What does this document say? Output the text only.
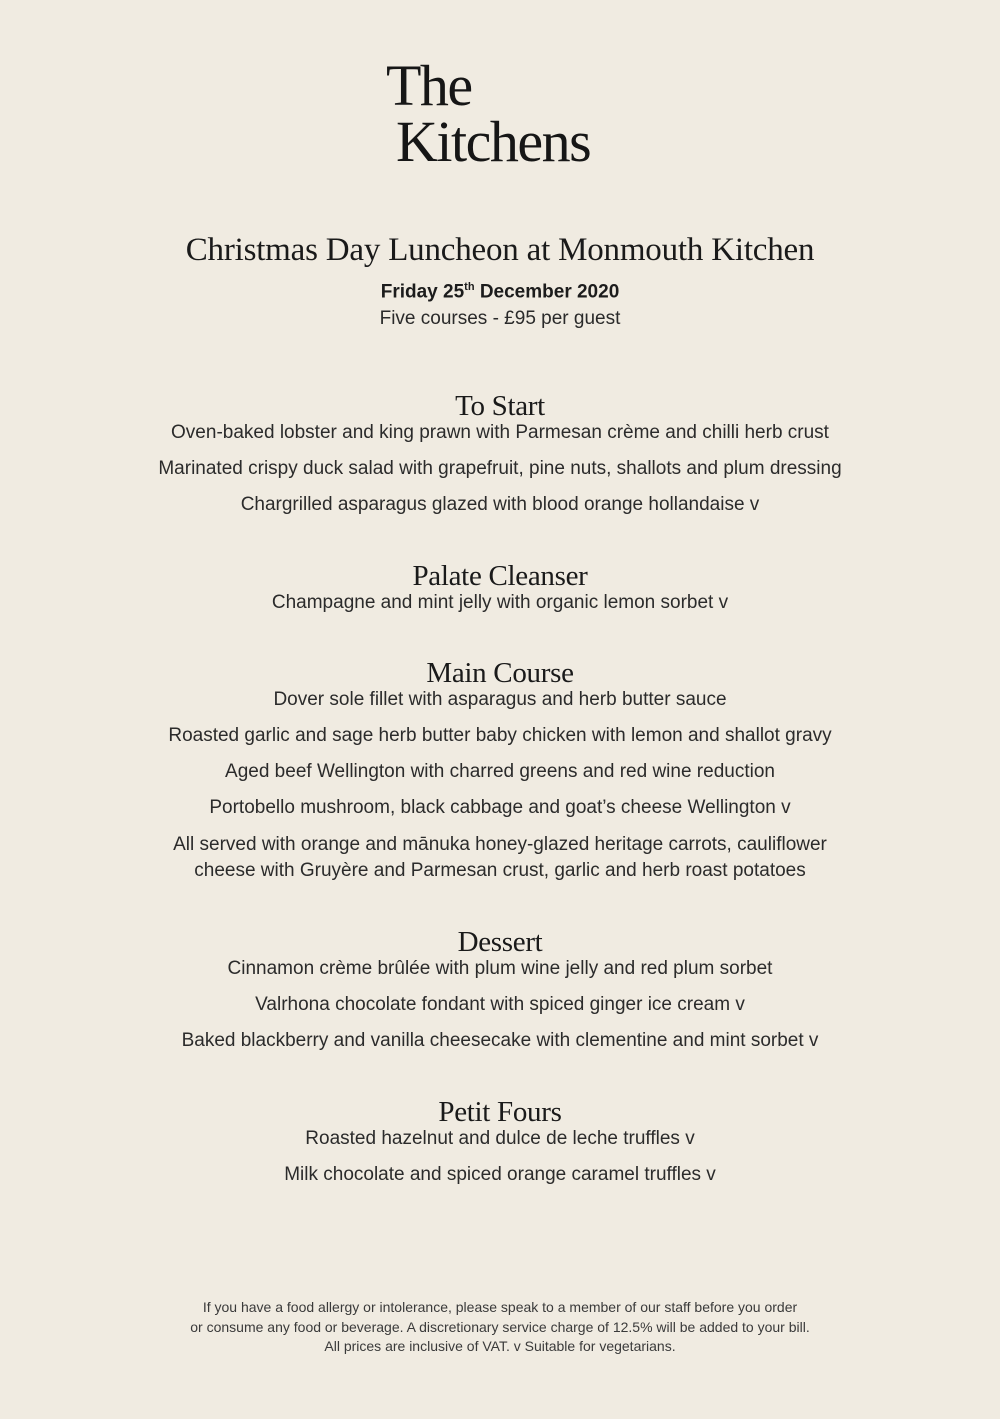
The
Kitchens
Christmas Day Luncheon at Monmouth Kitchen
Friday 25th December 2020
Five courses - £95 per guest
To Start
Oven-baked lobster and king prawn with Parmesan crème and chilli herb crust
Marinated crispy duck salad with grapefruit, pine nuts, shallots and plum dressing
Chargrilled asparagus glazed with blood orange hollandaise v
Palate Cleanser
Champagne and mint jelly with organic lemon sorbet v
Main Course
Dover sole fillet with asparagus and herb butter sauce
Roasted garlic and sage herb butter baby chicken with lemon and shallot gravy
Aged beef Wellington with charred greens and red wine reduction
Portobello mushroom, black cabbage and goat’s cheese Wellington v
All served with orange and mānuka honey-glazed heritage carrots, cauliflower cheese with Gruyère and Parmesan crust, garlic and herb roast potatoes
Dessert
Cinnamon crème brûlée with plum wine jelly and red plum sorbet
Valrhona chocolate fondant with spiced ginger ice cream v
Baked blackberry and vanilla cheesecake with clementine and mint sorbet v
Petit Fours
Roasted hazelnut and dulce de leche truffles v
Milk chocolate and spiced orange caramel truffles v
If you have a food allergy or intolerance, please speak to a member of our staff before you order
or consume any food or beverage. A discretionary service charge of 12.5% will be added to your bill.
All prices are inclusive of VAT. v Suitable for vegetarians.
